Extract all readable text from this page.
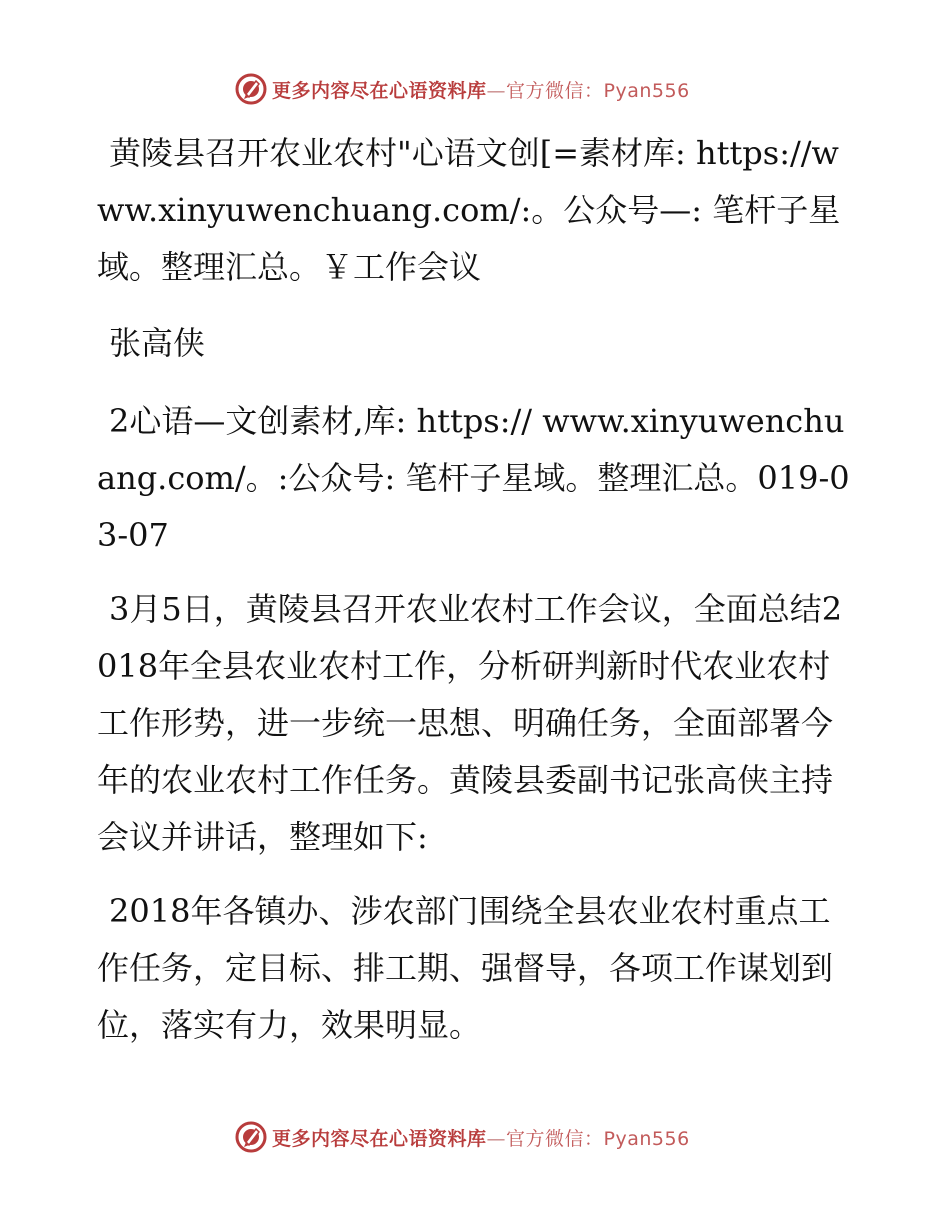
更多内容尽在心语资料库—官方微信：Pyan556

黄陵县召开农业农村"心语文创[=素材库: https://www.xinyuwenchuang.com/:。公众号—: 笔杆子星域。整理汇总。￥工作会议

张高侠

2心语—文创素材,库: https:// www.xinyuwenchuang.com/。:公众号: 笔杆子星域。整理汇总。019-03-07

3月5日，黄陵县召开农业农村工作会议，全面总结2018年全县农业农村工作，分析研判新时代农业农村工作形势，进一步统一思想、明确任务，全面部署今年的农业农村工作任务。黄陵县委副书记张高侠主持会议并讲话，整理如下:

2018年各镇办、涉农部门围绕全县农业农村重点工作任务，定目标、排工期、强督导，各项工作谋划到位，落实有力，效果明显。

更多内容尽在心语资料库—官方微信：Pyan556
